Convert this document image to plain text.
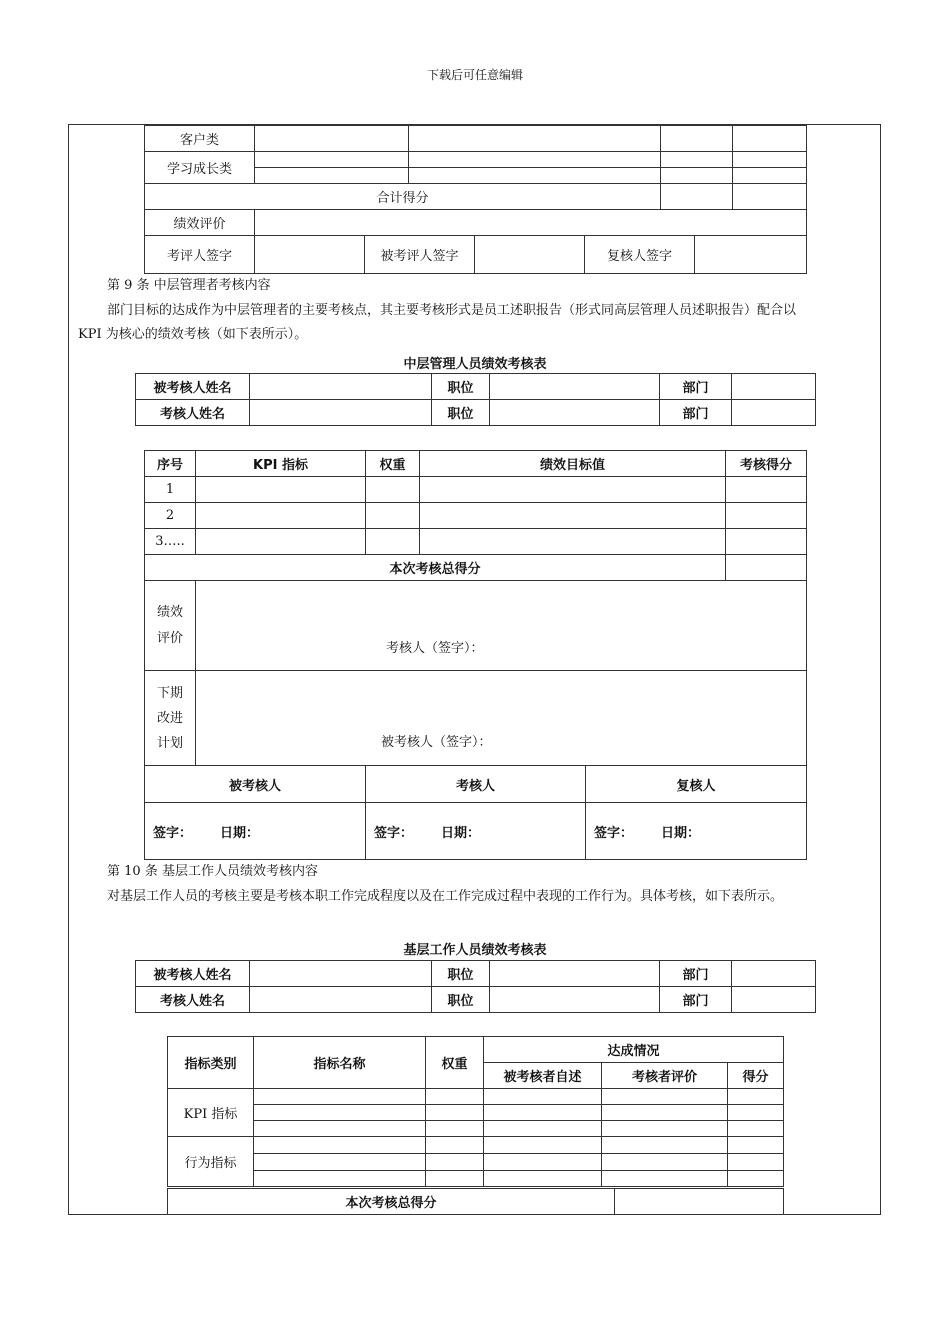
下载后可任意编辑
客户类				
学习成长类				

合计得分				
绩效评价	
考评人签字		被考评人签字		复核人签字	
第 9 条 中层管理者考核内容
部门目标的达成作为中层管理者的主要考核点，其主要考核形式是员工述职报告（形式同高层管理人员述职报告）配合以
KPI 为核心的绩效考核（如下表所示）。
中层管理人员绩效考核表
被考核人姓名		职位		部门	
考核人姓名		职位		部门	
序号	KPI 指标	权重	绩效目标值	考核得分
1				
2				
3…..				
本次考核总得分				
绩效
评价	考核人（签字）：			

下期
改进
计划	被考核人（签字）：			
被考核人	考核人	复核人
签字： 日期：	签字： 日期：	签字： 日期：
第 10 条 基层工作人员绩效考核内容
对基层工作人员的考核主要是考核本职工作完成程度以及在工作完成过程中表现的工作行为。具体考核，如下表所示。
基层工作人员绩效考核表
被考核人姓名		职位		部门	
考核人姓名		职位		部门	
指标类别	指标名称	权重	达成情况		
			被考核者自述	考核者评价	得分
KPI 指标					

行为指标					

本次考核总得分	
